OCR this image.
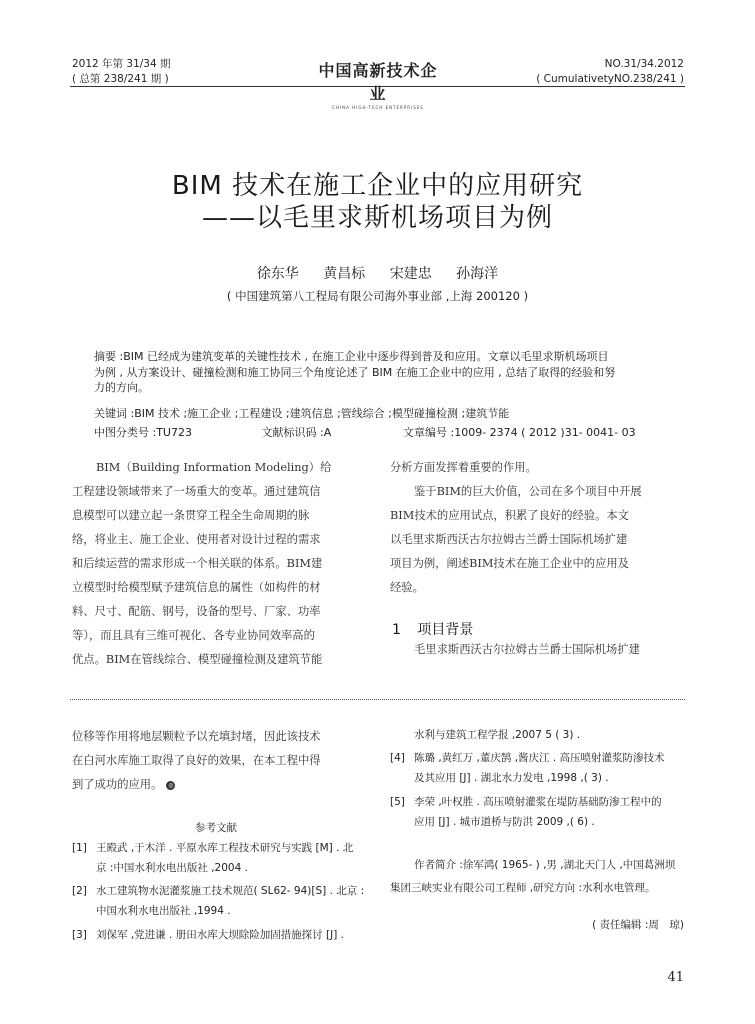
2012 年第 31/34 期
( 总第 238/241 期 )	中国高新技术企业
CHINA HIGH-TECH ENTERPRISES
NO.31/34.2012
( CumulativetyNO.238/241 )
BIM 技术在施工企业中的应用研究
——以毛里求斯机场项目为例
徐东华 黄昌标 宋建忠 孙海洋
( 中国建筑第八工程局有限公司海外事业部 ,上海 200120 )
摘要 :BIM 已经成为建筑变革的关键性技术 , 在施工企业中逐步得到普及和应用。文章以毛里求斯机场项目
为例 , 从方案设计、碰撞检测和施工协同三个角度论述了 BIM 在施工企业中的应用 , 总结了取得的经验和努
力的方向。
关键词 :BIM 技术 ;施工企业 ;工程建设 ;建筑信息 ;管线综合 ;模型碰撞检测 ;建筑节能
中图分类号 :TU723	文献标识码 :A	文章编号 :1009- 2374 ( 2012 )31- 0041- 03
BIM（Building Information Modeling）给
工程建设领域带来了一场重大的变革。通过建筑信
息模型可以建立起一条贯穿工程全生命周期的脉
络，将业主、施工企业、使用者对设计过程的需求
和后续运营的需求形成一个相关联的体系。BIM建
立模型时给模型赋予建筑信息的属性（如构件的材
料、尺寸、配筋、钢号，设备的型号、厂家、功率
等），而且具有三维可视化、各专业协同效率高的
优点。BIM在管线综合、模型碰撞检测及建筑节能
分析方面发挥着重要的作用。
鉴于BIM的巨大价值，公司在多个项目中开展
BIM技术的应用试点，积累了良好的经验。本文
以毛里求斯西沃古尔拉姆古兰爵士国际机场扩建
项目为例，阐述BIM技术在施工企业中的应用及
经验。
1 项目背景
毛里求斯西沃古尔拉姆古兰爵士国际机场扩建
位移等作用将地层颗粒予以充填封堵，因此该技术
在白河水库施工取得了良好的效果，在本工程中得
到了成功的应用。 ◎
参考文献
[1] 王殿武 ,于木洋 . 平原水库工程技术研究与实践 [M] . 北
京 :中国水利水电出版社 ,2004 .
[2] 水工建筑物水泥灌浆施工技术规范( SL62- 94)[S] . 北京 :
中国水利水电出版社 ,1994 .
[3] 刘保军 ,党进谦 . 册田水库大坝除险加固措施探讨 [J] .
水利与建筑工程学报 ,2007 5 ( 3) .
[4] 陈璐 ,黄红万 ,董庆鹄 ,酱庆江 . 高压喷射灌浆防渗技术
及其应用 [J] . 湖北水力发电 ,1998 ,( 3) .
[5] 李荣 ,叶权胜 . 高压喷射灌浆在堤防基础防渗工程中的
应用 [J] . 城市道桥与防洪 2009 ,( 6) .
作者简介 :徐军鸿( 1965- ) ,男 ,湖北天门人 ,中国葛洲坝
集团三峡实业有限公司工程师 ,研究方向 :水利水电管理。
( 责任编辑 :周　琼)
41
